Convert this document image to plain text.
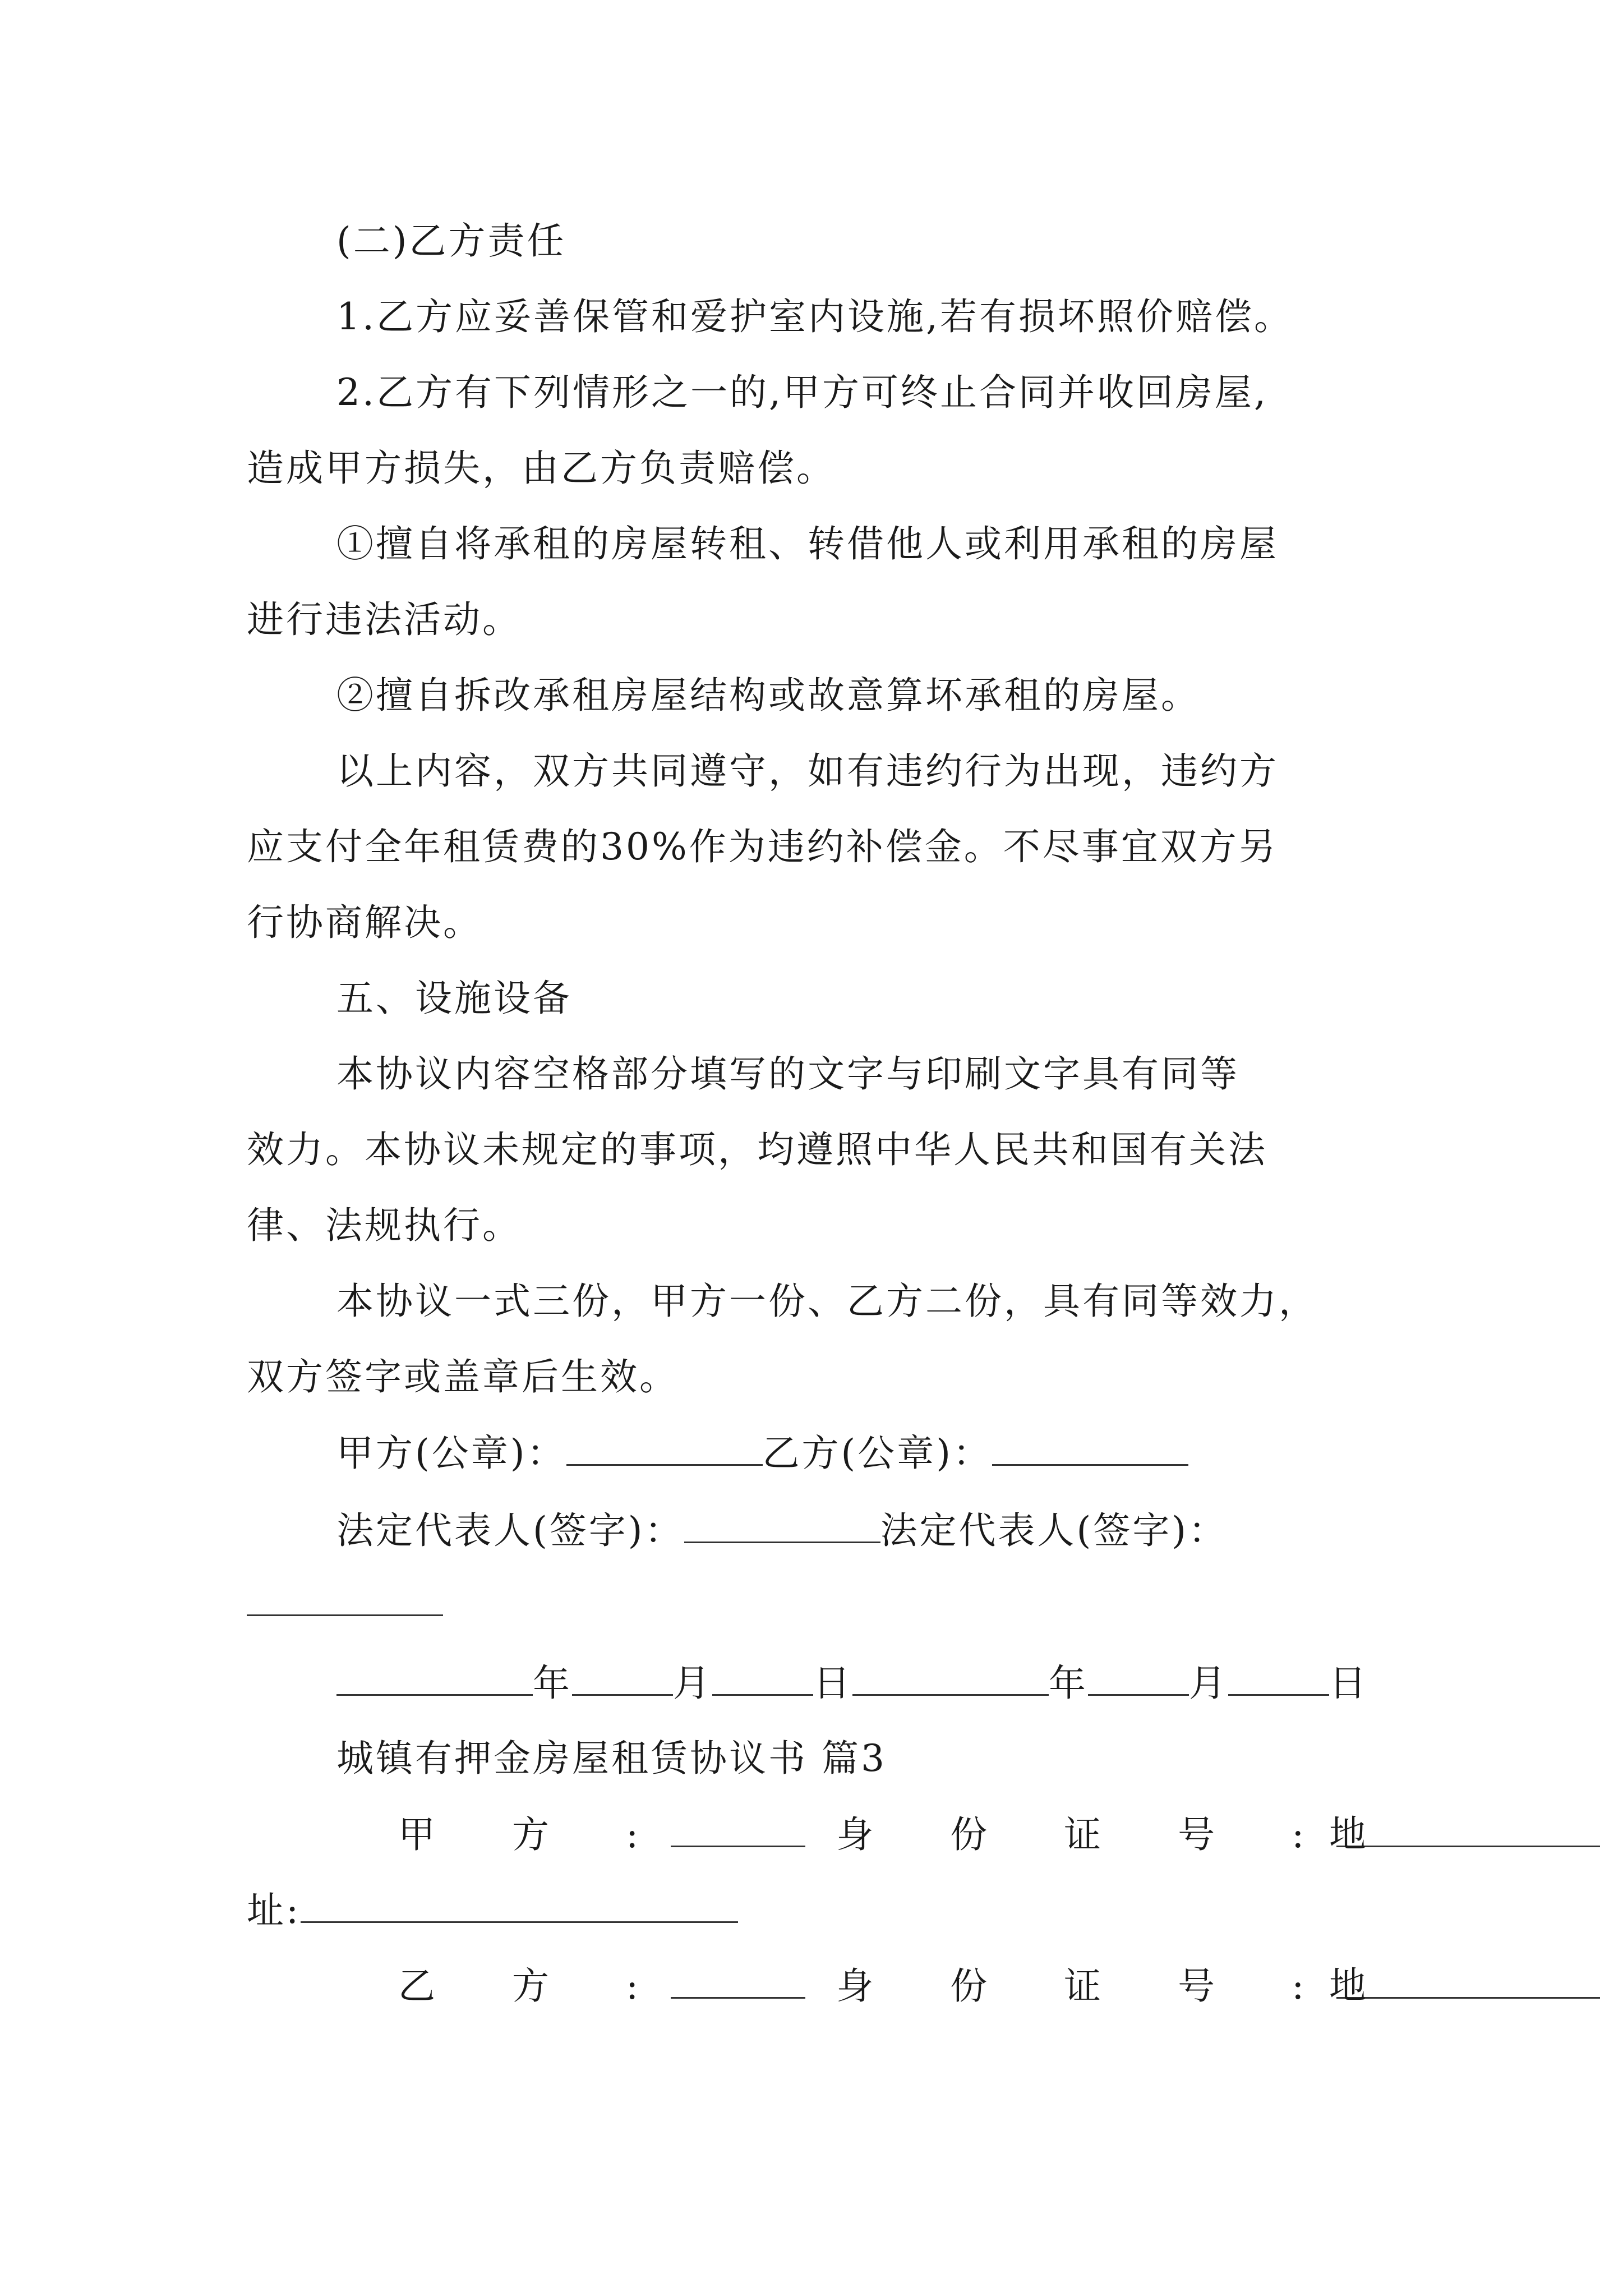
(二)乙方责任
1.乙方应妥善保管和爱护室内设施,若有损坏照价赔偿。
2.乙方有下列情形之一的,甲方可终止合同并收回房屋,
造成甲方损失，由乙方负责赔偿。
①擅自将承租的房屋转租、转借他人或利用承租的房屋
进行违法活动。
②擅自拆改承租房屋结构或故意算坏承租的房屋。
以上内容，双方共同遵守，如有违约行为出现，违约方
应支付全年租赁费的30%作为违约补偿金。不尽事宜双方另
行协商解决。
五、设施设备
本协议内容空格部分填写的文字与印刷文字具有同等
效力。本协议未规定的事项，均遵照中华人民共和国有关法
律、法规执行。
本协议一式三份，甲方一份、乙方二份，具有同等效力，
双方签字或盖章后生效。
甲方(公章)：	乙方(公章)：
法定代表人(签字)：	法定代表人(签字)：
年	月	日	年	月	日
城镇有押金房屋租赁协议书 篇3
甲 方 :	身 份 证 号 :
地
址:
乙 方 :	身 份 证 号 :
地
